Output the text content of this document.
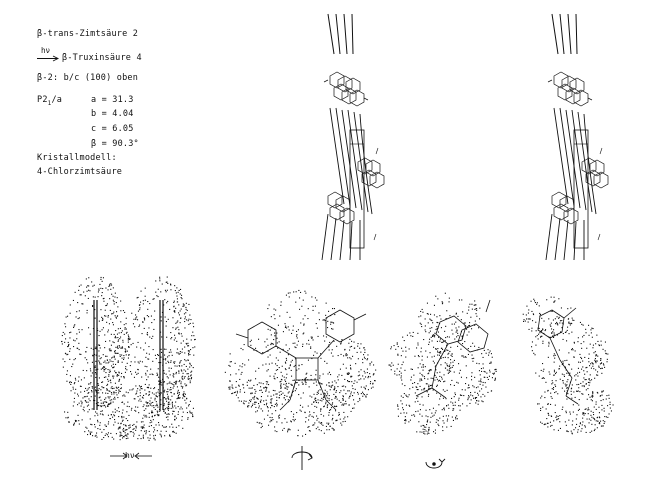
β-trans-Zimtsäure 2
hν
β-Truxinsäure 4
β-2: b/c (100) oben
$P2_1/a$	a = 31.3
b = 4.04
c = 6.05
β = 90.3°
Kristallmodell:
4-Chlorzimtsäure
hν
